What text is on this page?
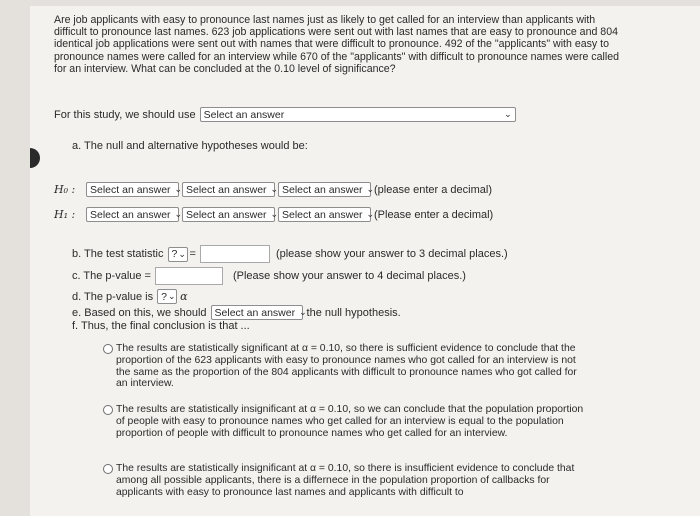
Are job applicants with easy to pronounce last names just as likely to get called for an interview than applicants with difficult to pronounce last names. 623 job applications were sent out with last names that are easy to pronounce and 804 identical job applications were sent out with names that were difficult to pronounce. 492 of the "applicants" with easy to pronounce names were called for an interview while 670 of the "applicants" with difficult to pronounce names were called for an interview. What can be concluded at the 0.10 level of significance?
For this study, we should use Select an answer	⌄
a. The null and alternative hypotheses would be:
H₀ :	Select an answer ⌄ Select an answer ⌄ Select an answer ⌄ (please enter a decimal)
H₁ :	Select an answer ⌄ Select an answer ⌄ Select an answer ⌄ (Please enter a decimal)
b. The test statistic ? ⌄ =	(please show your answer to 3 decimal places.)
c. The p-value =	(Please show your answer to 4 decimal places.)
d. The p-value is ? ⌄ α
e. Based on this, we should Select an answer ⌄ the null hypothesis.
f. Thus, the final conclusion is that ...
The results are statistically significant at α = 0.10, so there is sufficient evidence to conclude that the proportion of the 623 applicants with easy to pronounce names who got called for an interview is not the same as the proportion of the 804 applicants with difficult to pronounce names who got called for an interview.
The results are statistically insignificant at α = 0.10, so we can conclude that the population proportion of people with easy to pronounce names who get called for an interview is equal to the population proportion of people with difficult to pronounce names who get called for an interview.
The results are statistically insignificant at α = 0.10, so there is insufficient evidence to conclude that among all possible applicants, there is a differnece in the population proportion of callbacks for applicants with easy to pronounce last names and applicants with difficult to
